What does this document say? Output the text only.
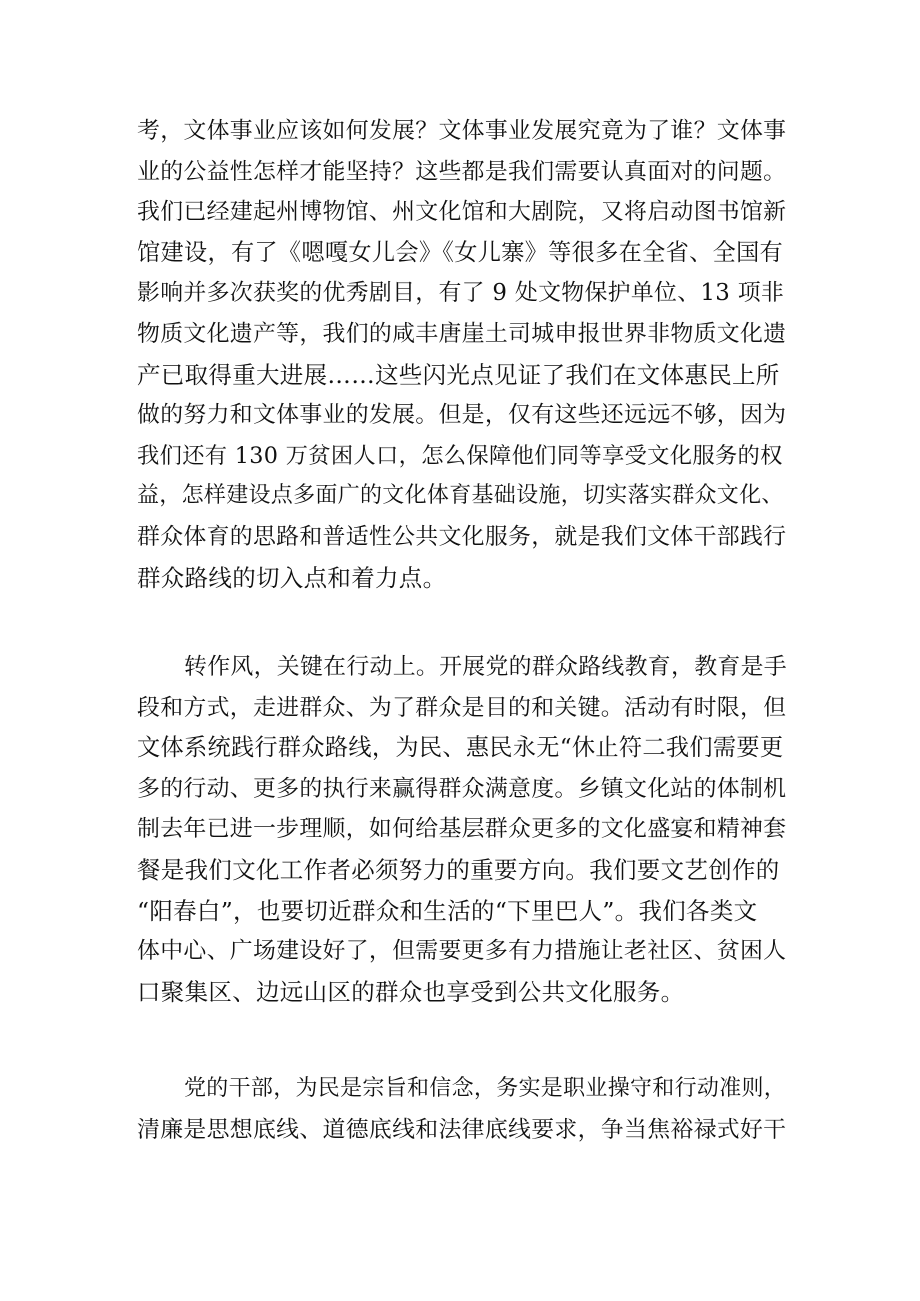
考，文体事业应该如何发展？文体事业发展究竟为了谁？文体事
业的公益性怎样才能坚持？这些都是我们需要认真面对的问题。
我们已经建起州博物馆、州文化馆和大剧院，又将启动图书馆新
馆建设，有了《嗯嘎女儿会》《女儿寨》等很多在全省、全国有
影响并多次获奖的优秀剧目，有了 9 处文物保护单位、13 项非
物质文化遗产等，我们的咸丰唐崖土司城申报世界非物质文化遗
产已取得重大进展……这些闪光点见证了我们在文体惠民上所
做的努力和文体事业的发展。但是，仅有这些还远远不够，因为
我们还有 130 万贫困人口，怎么保障他们同等享受文化服务的权
益，怎样建设点多面广的文化体育基础设施，切实落实群众文化、
群众体育的思路和普适性公共文化服务，就是我们文体干部践行
群众路线的切入点和着力点。
转作风，关键在行动上。开展党的群众路线教育，教育是手
段和方式，走进群众、为了群众是目的和关键。活动有时限，但
文体系统践行群众路线，为民、惠民永无“休止符二我们需要更
多的行动、更多的执行来赢得群众满意度。乡镇文化站的体制机
制去年已进一步理顺，如何给基层群众更多的文化盛宴和精神套
餐是我们文化工作者必须努力的重要方向。我们要文艺创作的
“阳春白”，也要切近群众和生活的“下里巴人”。我们各类文
体中心、广场建设好了，但需要更多有力措施让老社区、贫困人
口聚集区、边远山区的群众也享受到公共文化服务。
党的干部，为民是宗旨和信念，务实是职业操守和行动准则，
清廉是思想底线、道德底线和法律底线要求，争当焦裕禄式好干
